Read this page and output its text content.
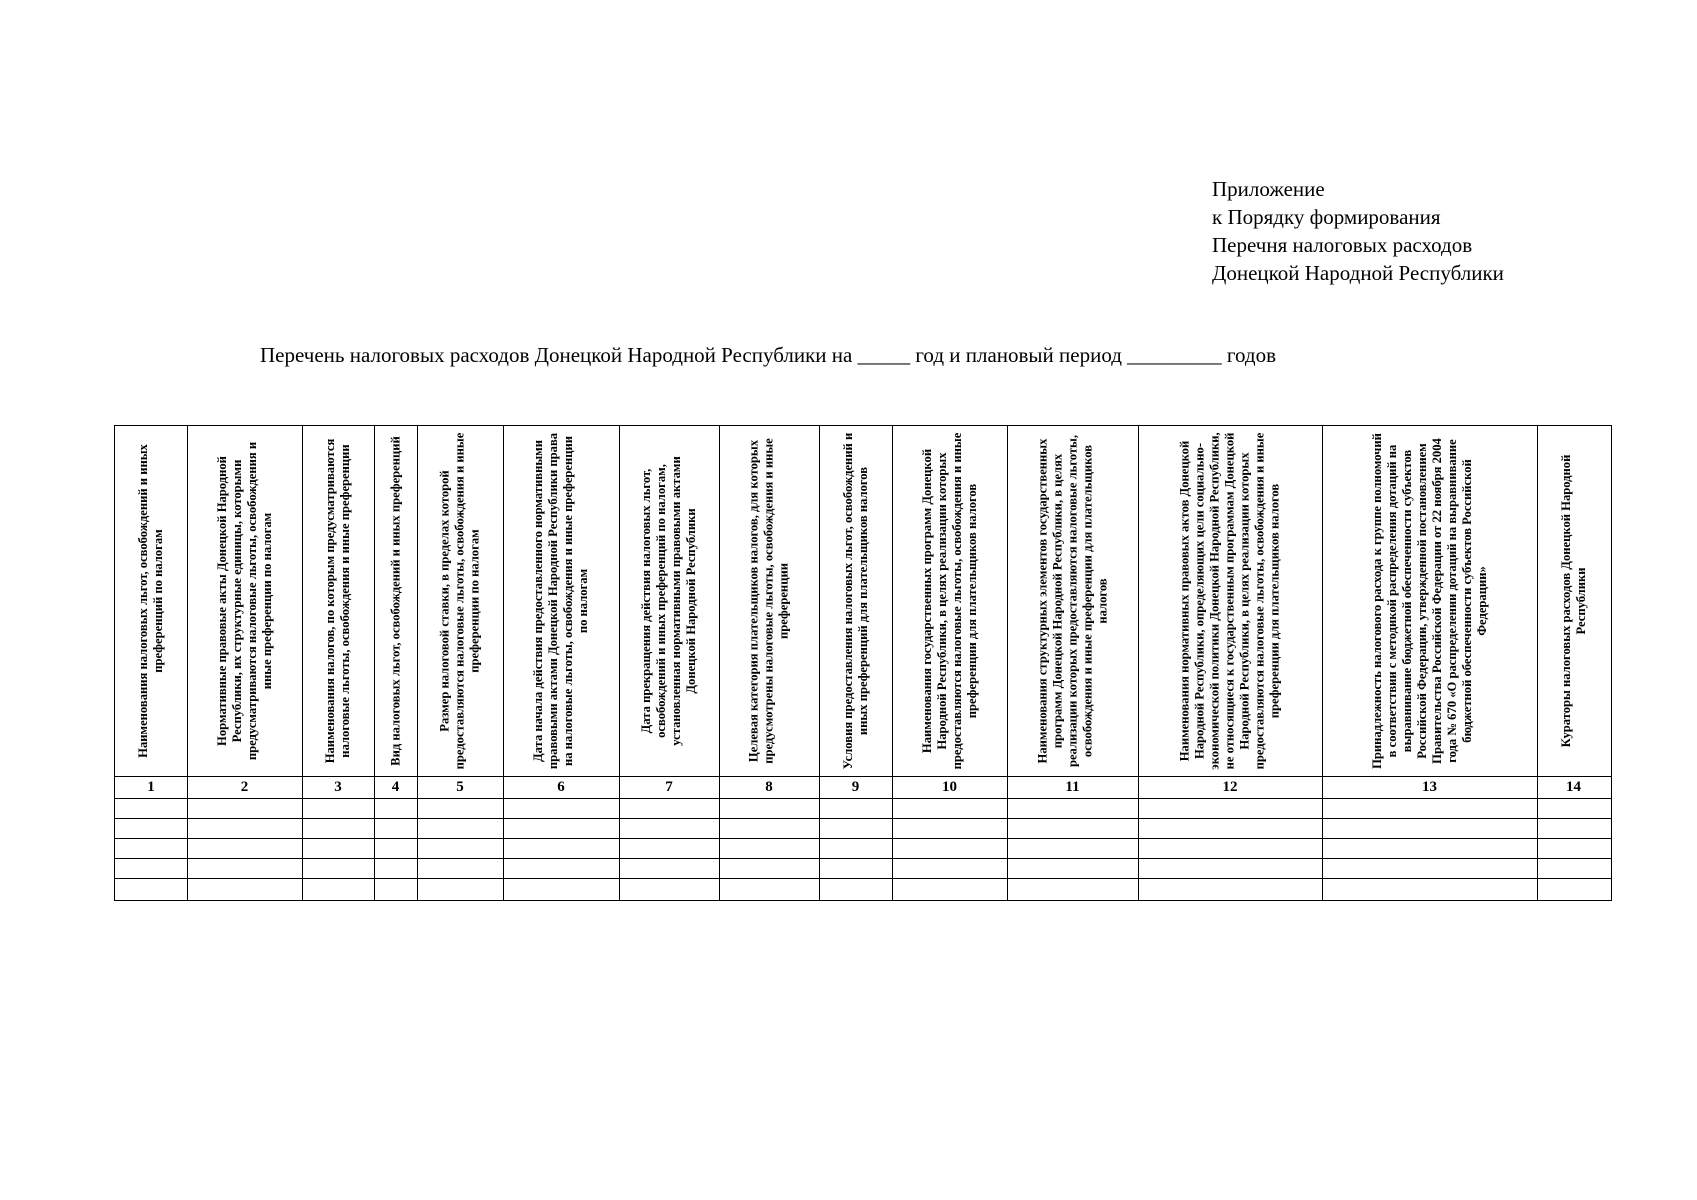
Приложение
к Порядку формирования
Перечня налоговых расходов
Донецкой Народной Республики
Перечень налоговых расходов Донецкой Народной Республики на _____ год и плановый период _________ годов
Наименования налоговых льгот, освобождений и иных преференций по налогам	Нормативные правовые акты Донецкой Народной Республики, их структурные единицы, которыми предусматриваются налоговые льготы, освобождения и иные преференции по налогам	Наименования налогов, по которым предусматриваются налоговые льготы, освобождения и иные преференции	Вид налоговых льгот, освобождений и иных преференций	Размер налоговой ставки, в пределах которой предоставляются налоговые льготы, освобождения и иные преференции по налогам	Дата начала действия предоставленного нормативными правовыми актами Донецкой Народной Республики права на налоговые льготы, освобождения и иные преференции по налогам	Дата прекращения действия налоговых льгот, освобождений и иных преференций по налогам, установленная нормативными правовыми актами Донецкой Народной Республики	Целевая категория плательщиков налогов, для которых предусмотрены налоговые льготы, освобождения и иные преференции	Условия предоставления налоговых льгот, освобождений и иных преференций для плательщиков налогов	Наименования государственных программ Донецкой Народной Республики, в целях реализации которых предоставляются налоговые льготы, освобождения и иные преференции для плательщиков налогов	Наименования структурных элементов государственных программ Донецкой Народной Республики, в целях реализации которых предоставляются налоговые льготы, освобождения и иные преференции для плательщиков налогов	Наименования нормативных правовых актов Донецкой Народной Республики, определяющих цели социально-экономической политики Донецкой Народной Республики, не относящиеся к государственным программам Донецкой Народной Республики, в целях реализации которых предоставляются налоговые льготы, освобождения и иные преференции для плательщиков налогов	Принадлежность налогового расхода к группе полномочий в соответствии с методикой распределения дотаций на выравнивание бюджетной обеспеченности субъектов Российской Федерации, утвержденной постановлением Правительства Российской Федерации от 22 ноября 2004 года № 670 «О распределении дотаций на выравнивание бюджетной обеспеченности субъектов Российской Федерации»	Кураторы налоговых расходов Донецкой Народной Республики
1	2	3	4	5	6	7	8	9	10	11	12	13	14
